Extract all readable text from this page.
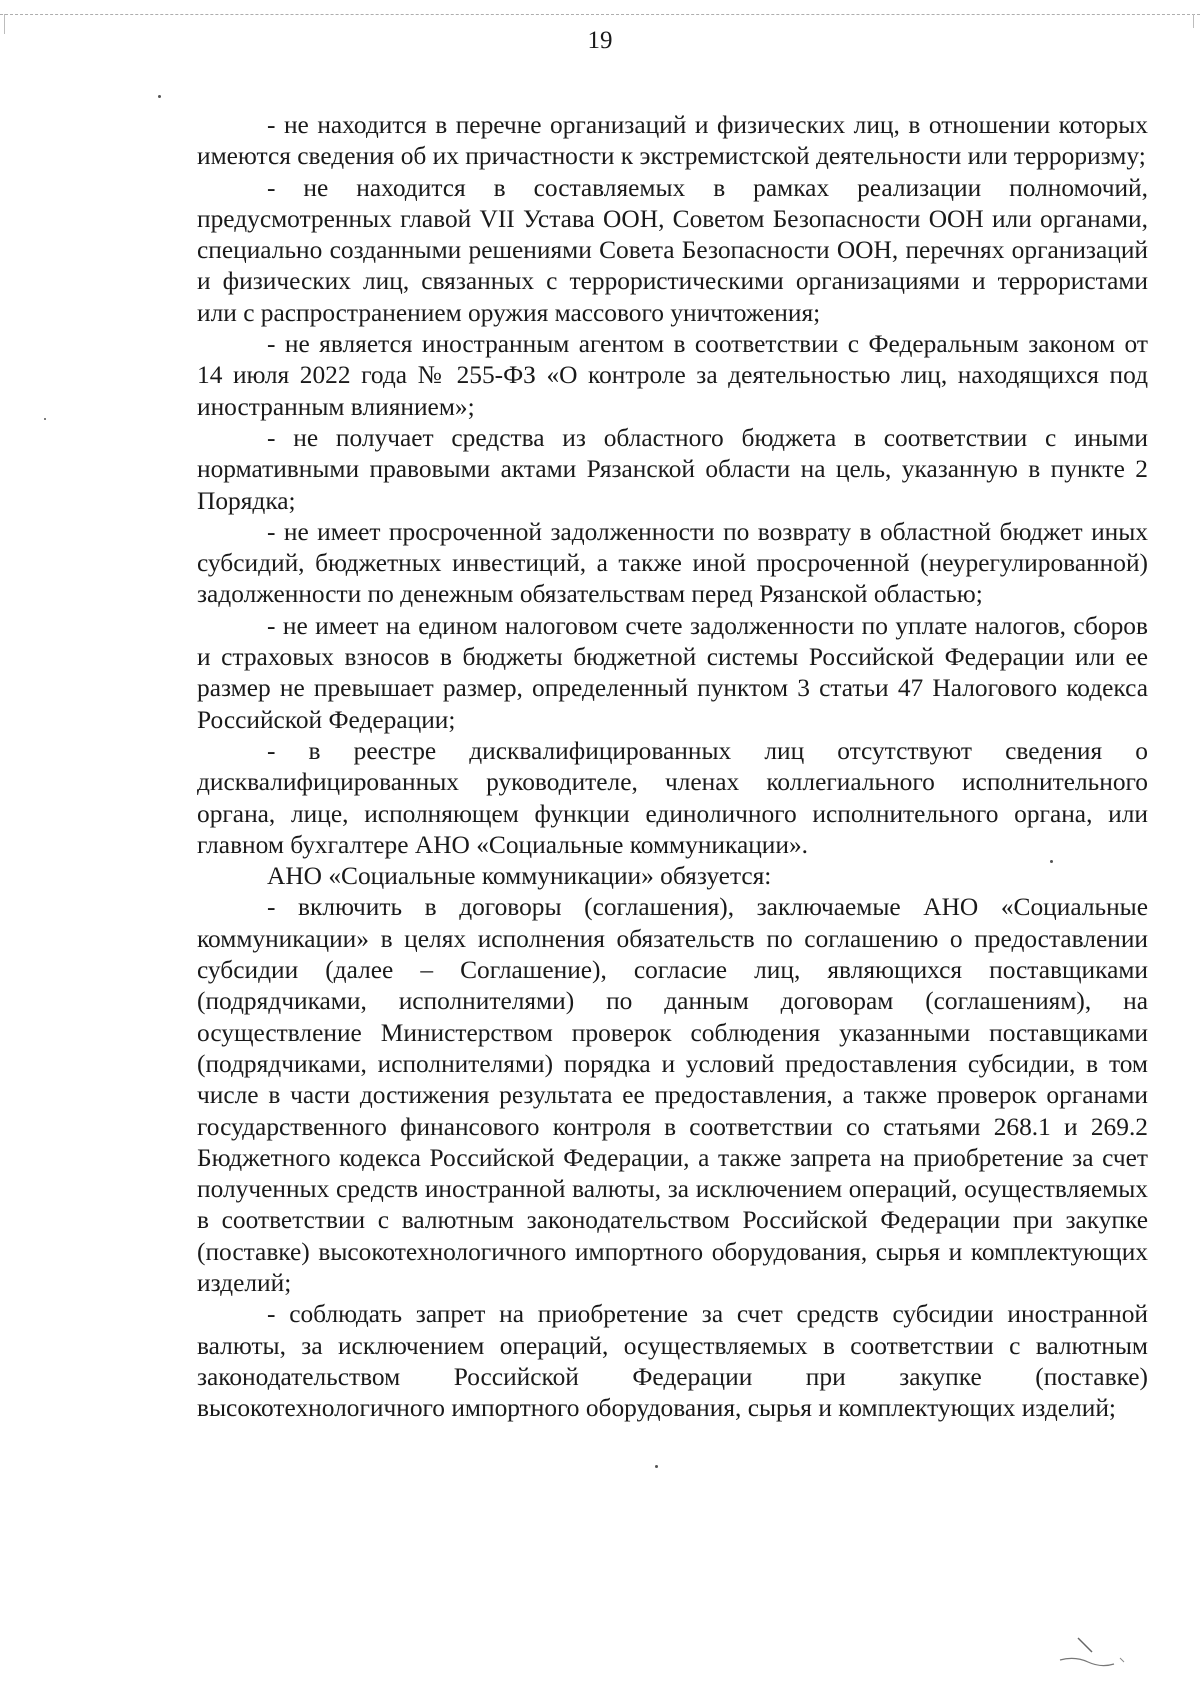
19

- не находится в перечне организаций и физических лиц, в отношении которых имеются сведения об их причастности к экстремистской деятельности или терроризму;

- не находится в составляемых в рамках реализации полномочий, предусмотренных главой VII Устава ООН, Советом Безопасности ООН или органами, специально созданными решениями Совета Безопасности ООН, перечнях организаций и физических лиц, связанных с террористическими организациями и террористами или с распространением оружия массового уничтожения;

- не является иностранным агентом в соответствии с Федеральным законом от 14 июля 2022 года № 255-ФЗ «О контроле за деятельностью лиц, находящихся под иностранным влиянием»;

- не получает средства из областного бюджета в соответствии с иными нормативными правовыми актами Рязанской области на цель, указанную в пункте 2 Порядка;

- не имеет просроченной задолженности по возврату в областной бюджет иных субсидий, бюджетных инвестиций, а также иной просроченной (неурегулированной) задолженности по денежным обязательствам перед Рязанской областью;

- не имеет на едином налоговом счете задолженности по уплате налогов, сборов и страховых взносов в бюджеты бюджетной системы Российской Федерации или ее размер не превышает размер, определенный пунктом 3 статьи 47 Налогового кодекса Российской Федерации;

- в реестре дисквалифицированных лиц отсутствуют сведения о дисквалифицированных руководителе, членах коллегиального исполнительного органа, лице, исполняющем функции единоличного исполнительного органа, или главном бухгалтере АНО «Социальные коммуникации».

АНО «Социальные коммуникации» обязуется:

- включить в договоры (соглашения), заключаемые АНО «Социальные коммуникации» в целях исполнения обязательств по соглашению о предоставлении субсидии (далее – Соглашение), согласие лиц, являющихся поставщиками (подрядчиками, исполнителями) по данным договорам (соглашениям), на осуществление Министерством проверок соблюдения указанными поставщиками (подрядчиками, исполнителями) порядка и условий предоставления субсидии, в том числе в части достижения результата ее предоставления, а также проверок органами государственного финансового контроля в соответствии со статьями 268.1 и 269.2 Бюджетного кодекса Российской Федерации, а также запрета на приобретение за счет полученных средств иностранной валюты, за исключением операций, осуществляемых в соответствии с валютным законодательством Российской Федерации при закупке (поставке) высокотехнологичного импортного оборудования, сырья и комплектующих изделий;

- соблюдать запрет на приобретение за счет средств субсидии иностранной валюты, за исключением операций, осуществляемых в соответствии с валютным законодательством Российской Федерации при закупке (поставке) высокотехнологичного импортного оборудования, сырья и комплектующих изделий;
